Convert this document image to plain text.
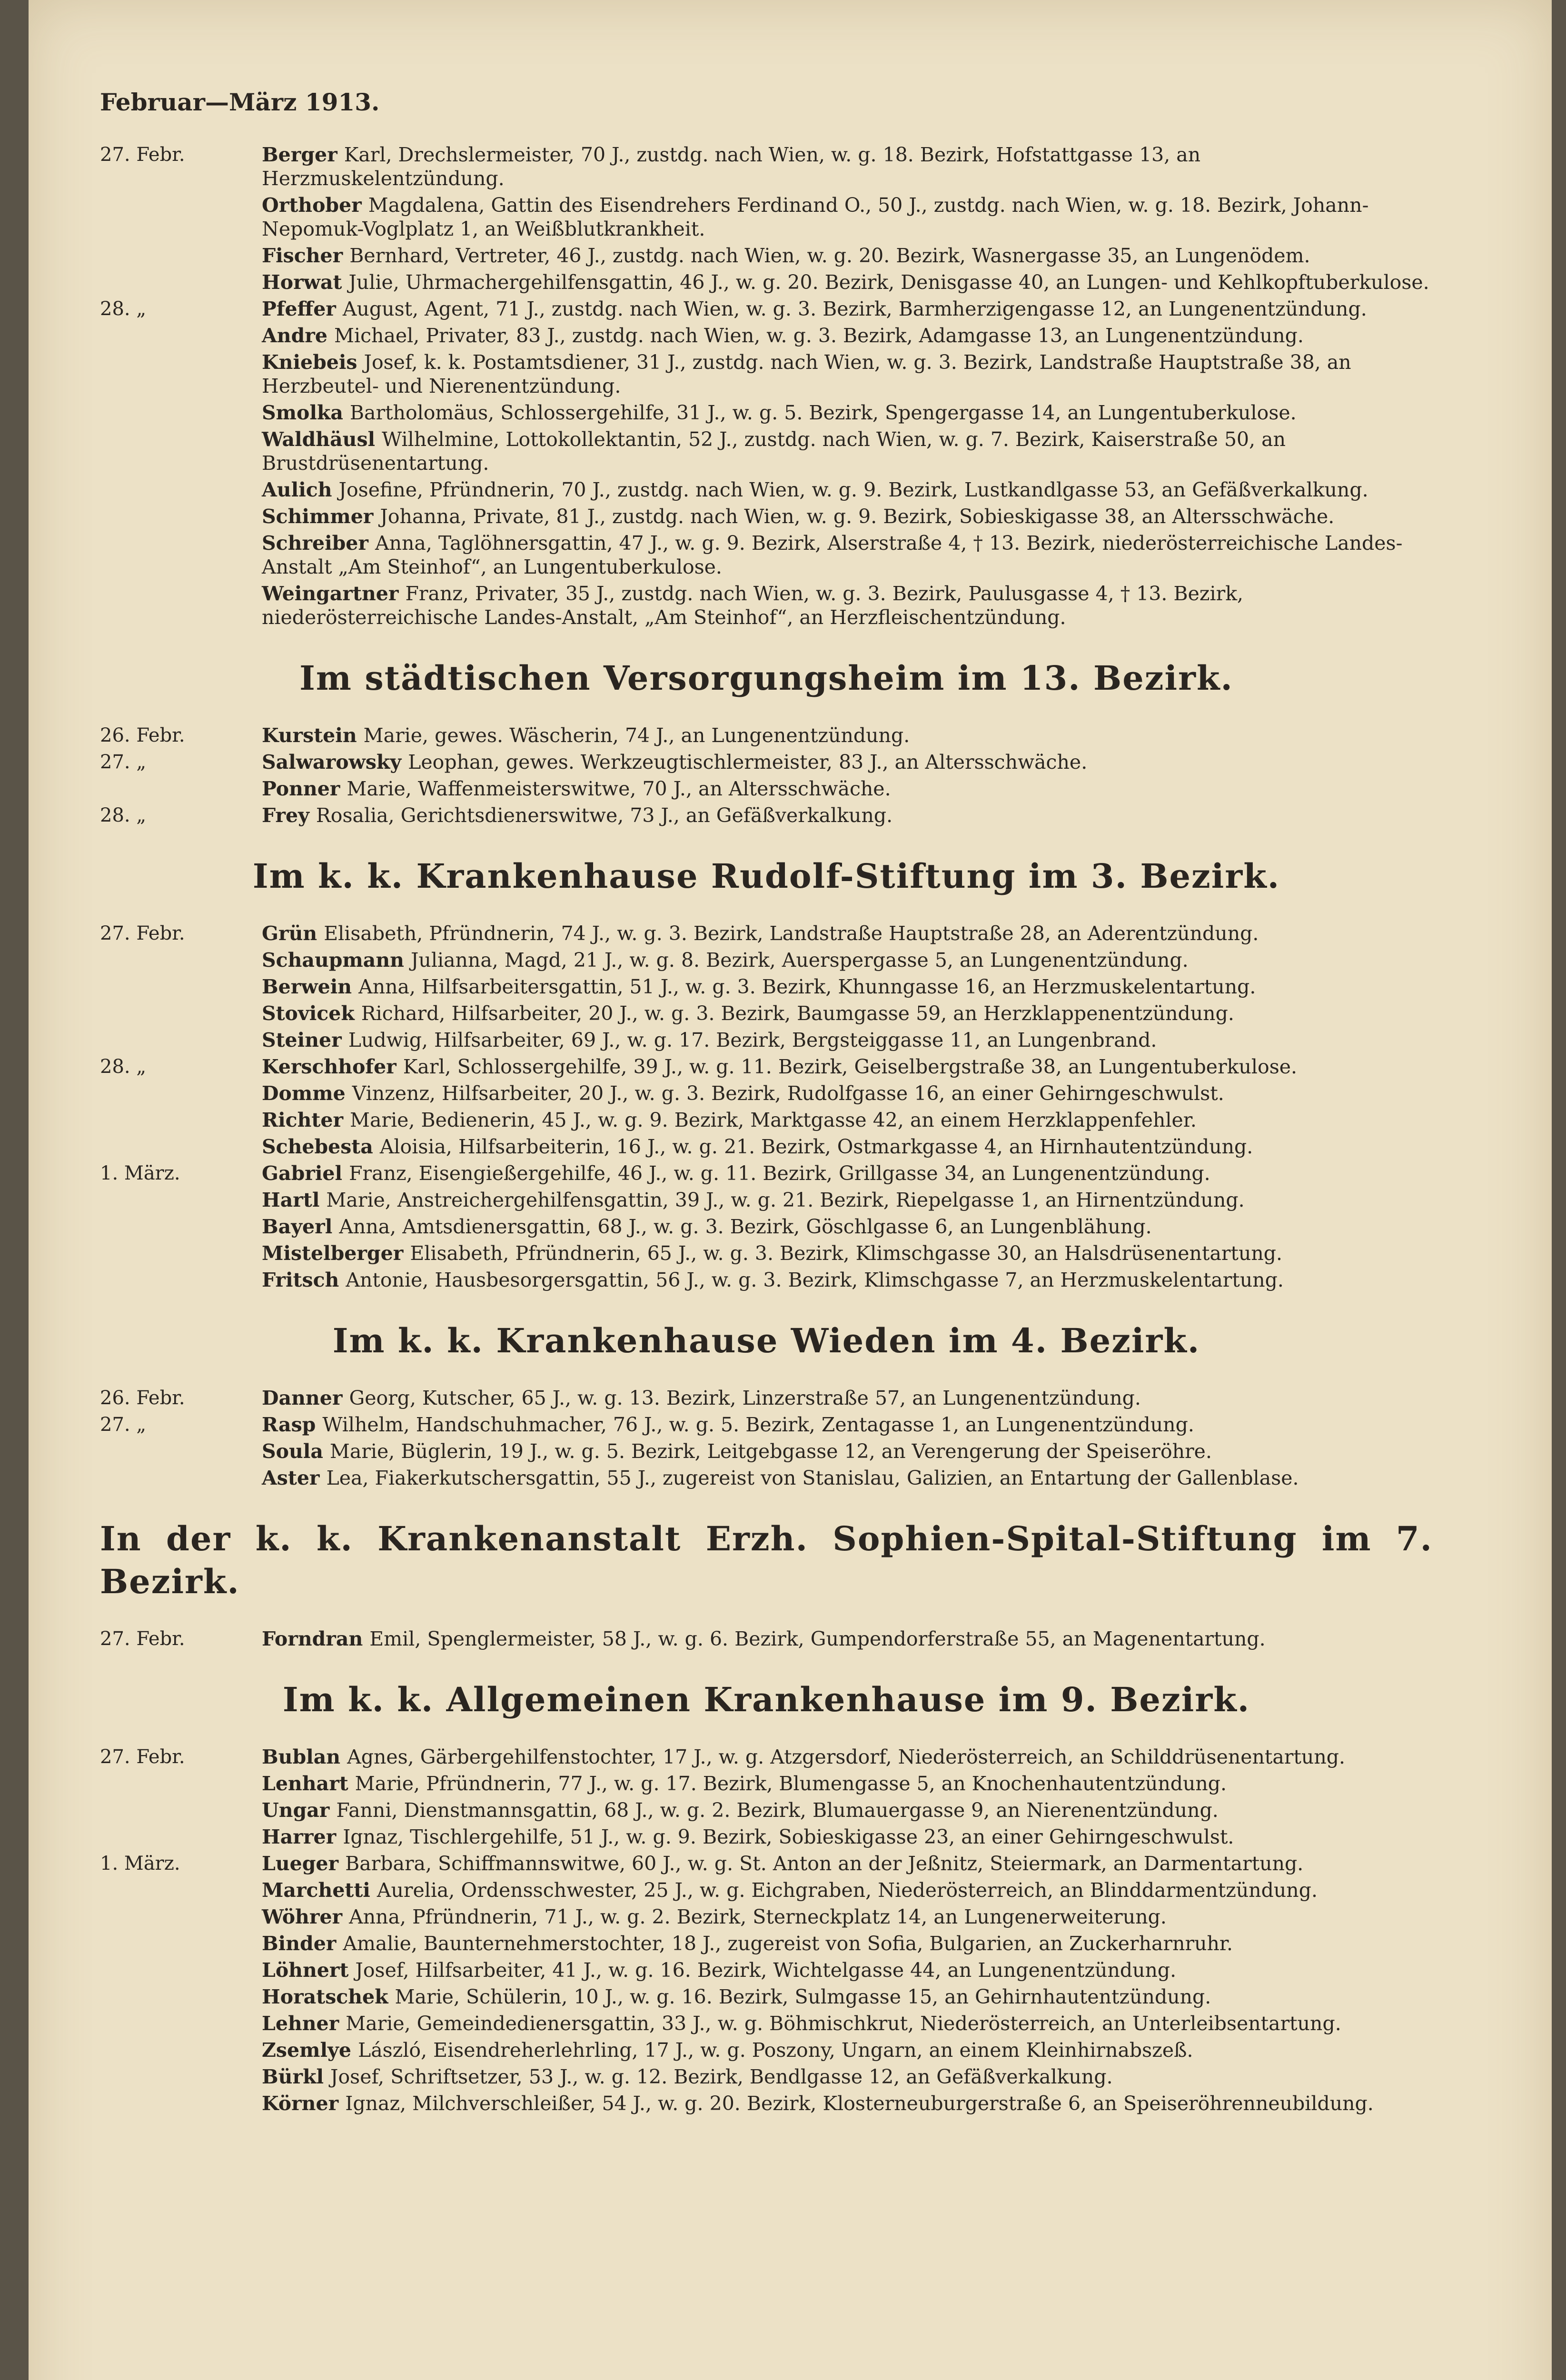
Februar—März 1913.
27. Febr.	Berger Karl, Drechslermeister, 70 J., zustdg. nach Wien, w. g. 18. Bezirk, Hofstattgasse 13, an Herzmuskelentzündung.
Orthober Magdalena, Gattin des Eisendrehers Ferdinand O., 50 J., zustdg. nach Wien, w. g. 18. Bezirk, Johann-Nepomuk-Voglplatz 1, an Weißblutkrankheit.
Fischer Bernhard, Vertreter, 46 J., zustdg. nach Wien, w. g. 20. Bezirk, Wasnergasse 35, an Lungenödem.
Horwat Julie, Uhrmachergehilfensgattin, 46 J., w. g. 20. Bezirk, Denisgasse 40, an Lungen- und Kehlkopftuberkulose.
28. „	Pfeffer August, Agent, 71 J., zustdg. nach Wien, w. g. 3. Bezirk, Barmherzigengasse 12, an Lungenentzündung.
Andre Michael, Privater, 83 J., zustdg. nach Wien, w. g. 3. Bezirk, Adamgasse 13, an Lungenentzündung.
Kniebeis Josef, k. k. Postamtsdiener, 31 J., zustdg. nach Wien, w. g. 3. Bezirk, Landstraße Hauptstraße 38, an Herzbeutel- und Nierenentzündung.
Smolka Bartholomäus, Schlossergehilfe, 31 J., w. g. 5. Bezirk, Spengergasse 14, an Lungentuberkulose.
Waldhäusl Wilhelmine, Lottokollektantin, 52 J., zustdg. nach Wien, w. g. 7. Bezirk, Kaiserstraße 50, an Brustdrüsenentartung.
Aulich Josefine, Pfründnerin, 70 J., zustdg. nach Wien, w. g. 9. Bezirk, Lustkandlgasse 53, an Gefäßverkalkung.
Schimmer Johanna, Private, 81 J., zustdg. nach Wien, w. g. 9. Bezirk, Sobieskigasse 38, an Altersschwäche.
Schreiber Anna, Taglöhnersgattin, 47 J., w. g. 9. Bezirk, Alserstraße 4, † 13. Bezirk, niederösterreichische Landes-Anstalt „Am Steinhof“, an Lungentuberkulose.
Weingartner Franz, Privater, 35 J., zustdg. nach Wien, w. g. 3. Bezirk, Paulusgasse 4, † 13. Bezirk, niederösterreichische Landes-Anstalt, „Am Steinhof“, an Herzfleischentzündung.
Im städtischen Versorgungsheim im 13. Bezirk.
26. Febr.	Kurstein Marie, gewes. Wäscherin, 74 J., an Lungenentzündung.
27. „	Salwarowsky Leophan, gewes. Werkzeugtischlermeister, 83 J., an Altersschwäche.
Ponner Marie, Waffenmeisterswitwe, 70 J., an Altersschwäche.
28. „	Frey Rosalia, Gerichtsdienerswitwe, 73 J., an Gefäßverkalkung.
Im k. k. Krankenhause Rudolf-Stiftung im 3. Bezirk.
27. Febr.	Grün Elisabeth, Pfründnerin, 74 J., w. g. 3. Bezirk, Landstraße Hauptstraße 28, an Aderentzündung.
Schaupmann Julianna, Magd, 21 J., w. g. 8. Bezirk, Auerspergasse 5, an Lungenentzündung.
Berwein Anna, Hilfsarbeitersgattin, 51 J., w. g. 3. Bezirk, Khunngasse 16, an Herzmuskelentartung.
Stovicek Richard, Hilfsarbeiter, 20 J., w. g. 3. Bezirk, Baumgasse 59, an Herzklappenentzündung.
Steiner Ludwig, Hilfsarbeiter, 69 J., w. g. 17. Bezirk, Bergsteiggasse 11, an Lungenbrand.
28. „	Kerschhofer Karl, Schlossergehilfe, 39 J., w. g. 11. Bezirk, Geiselbergstraße 38, an Lungentuberkulose.
Domme Vinzenz, Hilfsarbeiter, 20 J., w. g. 3. Bezirk, Rudolfgasse 16, an einer Gehirngeschwulst.
Richter Marie, Bedienerin, 45 J., w. g. 9. Bezirk, Marktgasse 42, an einem Herzklappenfehler.
Schebesta Aloisia, Hilfsarbeiterin, 16 J., w. g. 21. Bezirk, Ostmarkgasse 4, an Hirnhautentzündung.
1. März.	Gabriel Franz, Eisengießergehilfe, 46 J., w. g. 11. Bezirk, Grillgasse 34, an Lungenentzündung.
Hartl Marie, Anstreichergehilfensgattin, 39 J., w. g. 21. Bezirk, Riepelgasse 1, an Hirnentzündung.
Bayerl Anna, Amtsdienersgattin, 68 J., w. g. 3. Bezirk, Göschlgasse 6, an Lungenblähung.
Mistelberger Elisabeth, Pfründnerin, 65 J., w. g. 3. Bezirk, Klimschgasse 30, an Halsdrüsenentartung.
Fritsch Antonie, Hausbesorgersgattin, 56 J., w. g. 3. Bezirk, Klimschgasse 7, an Herzmuskelentartung.
Im k. k. Krankenhause Wieden im 4. Bezirk.
26. Febr.	Danner Georg, Kutscher, 65 J., w. g. 13. Bezirk, Linzerstraße 57, an Lungenentzündung.
27. „	Rasp Wilhelm, Handschuhmacher, 76 J., w. g. 5. Bezirk, Zentagasse 1, an Lungenentzündung.
Soula Marie, Büglerin, 19 J., w. g. 5. Bezirk, Leitgebgasse 12, an Verengerung der Speiseröhre.
Aster Lea, Fiakerkutschersgattin, 55 J., zugereist von Stanislau, Galizien, an Entartung der Gallenblase.
In der k. k. Krankenanstalt Erzh. Sophien-Spital-Stiftung im 7. Bezirk.
27. Febr.	Forndran Emil, Spenglermeister, 58 J., w. g. 6. Bezirk, Gumpendorferstraße 55, an Magenentartung.
Im k. k. Allgemeinen Krankenhause im 9. Bezirk.
27. Febr.	Bublan Agnes, Gärbergehilfenstochter, 17 J., w. g. Atzgersdorf, Niederösterreich, an Schilddrüsenentartung.
Lenhart Marie, Pfründnerin, 77 J., w. g. 17. Bezirk, Blumengasse 5, an Knochenhautentzündung.
Ungar Fanni, Dienstmannsgattin, 68 J., w. g. 2. Bezirk, Blumauergasse 9, an Nierenentzündung.
Harrer Ignaz, Tischlergehilfe, 51 J., w. g. 9. Bezirk, Sobieskigasse 23, an einer Gehirngeschwulst.
1. März.	Lueger Barbara, Schiffmannswitwe, 60 J., w. g. St. Anton an der Jeßnitz, Steiermark, an Darmentartung.
Marchetti Aurelia, Ordensschwester, 25 J., w. g. Eichgraben, Niederösterreich, an Blinddarmentzündung.
Wöhrer Anna, Pfründnerin, 71 J., w. g. 2. Bezirk, Sterneckplatz 14, an Lungenerweiterung.
Binder Amalie, Baunternehmerstochter, 18 J., zugereist von Sofia, Bulgarien, an Zuckerharnruhr.
Löhnert Josef, Hilfsarbeiter, 41 J., w. g. 16. Bezirk, Wichtelgasse 44, an Lungenentzündung.
Horatschek Marie, Schülerin, 10 J., w. g. 16. Bezirk, Sulmgasse 15, an Gehirnhautentzündung.
Lehner Marie, Gemeindedienersgattin, 33 J., w. g. Böhmischkrut, Niederösterreich, an Unterleibsentartung.
Zsemlye László, Eisendreherlehrling, 17 J., w. g. Poszony, Ungarn, an einem Kleinhirnabszeß.
Bürkl Josef, Schriftsetzer, 53 J., w. g. 12. Bezirk, Bendlgasse 12, an Gefäßverkalkung.
Körner Ignaz, Milchverschleißer, 54 J., w. g. 20. Bezirk, Klosterneuburgerstraße 6, an Speiseröhrenneubildung.
